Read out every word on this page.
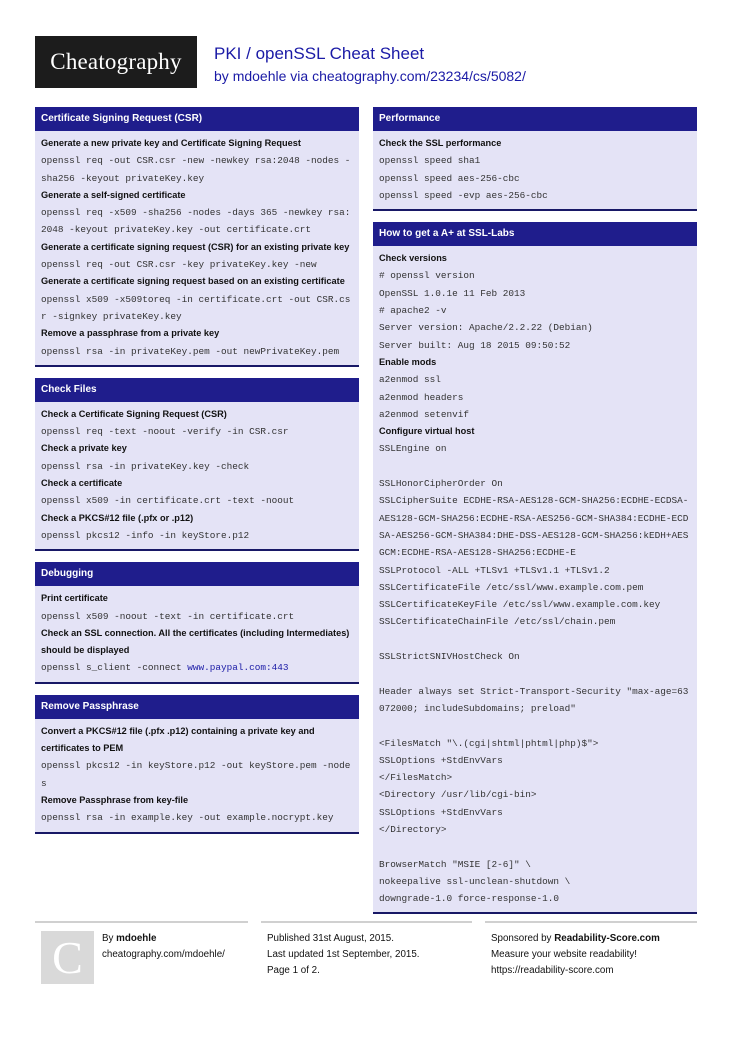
Cheatography	PKI / openSSL Cheat Sheet
by mdoehle via cheatography.com/23234/cs/5082/
Certificate Signing Request (CSR)
Generate a new private key and Certificate Signing Request
openssl req -out CSR.csr -new -newkey rsa:2048 -nodes -sha256 -keyout privateKey.key
Generate a self-signed certificate
openssl req -x509 -sha256 -nodes -days 365 -newkey rsa:2048 -keyout privateKey.key -out certificate.crt
Generate a certificate signing request (CSR) for an existing private key
openssl req -out CSR.csr -key privateKey.key -new
Generate a certificate signing request based on an existing certificate
openssl x509 -x509toreq -in certificate.crt -out CSR.csr -signkey privateKey.key
Remove a passphrase from a private key
openssl rsa -in privateKey.pem -out newPrivateKey.pem
Check Files
Check a Certificate Signing Request (CSR)
openssl req -text -noout -verify -in CSR.csr
Check a private key
openssl rsa -in privateKey.key -check
Check a certificate
openssl x509 -in certificate.crt -text -noout
Check a PKCS#12 file (.pfx or .p12)
openssl pkcs12 -info -in keyStore.p12
Debugging
Print certificate
openssl x509 -noout -text -in certificate.crt
Check an SSL connection. All the certificates (including Intermediates) should be displayed
openssl s_client -connect www.paypal.com:443
Remove Passphrase
Convert a PKCS#12 file (.pfx .p12) containing a private key and certificates to PEM
openssl pkcs12 -in keyStore.p12 -out keyStore.pem -nodes
Remove Passphrase from key-file
openssl rsa -in example.key -out example.nocrypt.key
Performance
Check the SSL performance
openssl speed sha1
openssl speed aes-256-cbc
openssl speed -evp aes-256-cbc
How to get a A+ at SSL-Labs
Check versions
# openssl version
OpenSSL 1.0.1e 11 Feb 2013
# apache2 -v
Server version: Apache/2.2.22 (Debian)
Server built: Aug 18 2015 09:50:52
Enable mods
a2enmod ssl
a2enmod headers
a2enmod setenvif
Configure virtual host
SSLEngine on
SSLHonorCipherOrder On
SSLCipherSuite ECDHE-RSA-AES128-GCM-SHA256:ECDHE-ECDSA-AES128-GCM-SHA256:ECDHE-RSA-AES256-GCM-SHA384:ECDHE-ECDSA-AES256-GCM-SHA384:DHE-DSS-AES128-GCM-SHA256:kEDH+AESGCM:ECDHE-RSA-AES128-SHA256:ECDHE-E
SSLProtocol -ALL +TLSv1 +TLSv1.1 +TLSv1.2
SSLCertificateFile /etc/ssl/www.example.com.pem
SSLCertificateKeyFile /etc/ssl/www.example.com.key
SSLCertificateChainFile /etc/ssl/chain.pem
SSLStrictSNIVHostCheck On
Header always set Strict-Transport-Security "max-age=63072000; includeSubdomains; preload"
<FilesMatch "\.(cgi|shtml|phtml|php)$">
SSLOptions +StdEnvVars
</FilesMatch>
<Directory /usr/lib/cgi-bin>
SSLOptions +StdEnvVars
</Directory>
BrowserMatch "MSIE [2-6]" \
nokeepalive ssl-unclean-shutdown \
downgrade-1.0 force-response-1.0
C	By mdoehle
cheatography.com/mdoehle/
Published 31st August, 2015.
Last updated 1st September, 2015.
Page 1 of 2.
Sponsored by Readability-Score.com
Measure your website readability!
https://readability-score.com
